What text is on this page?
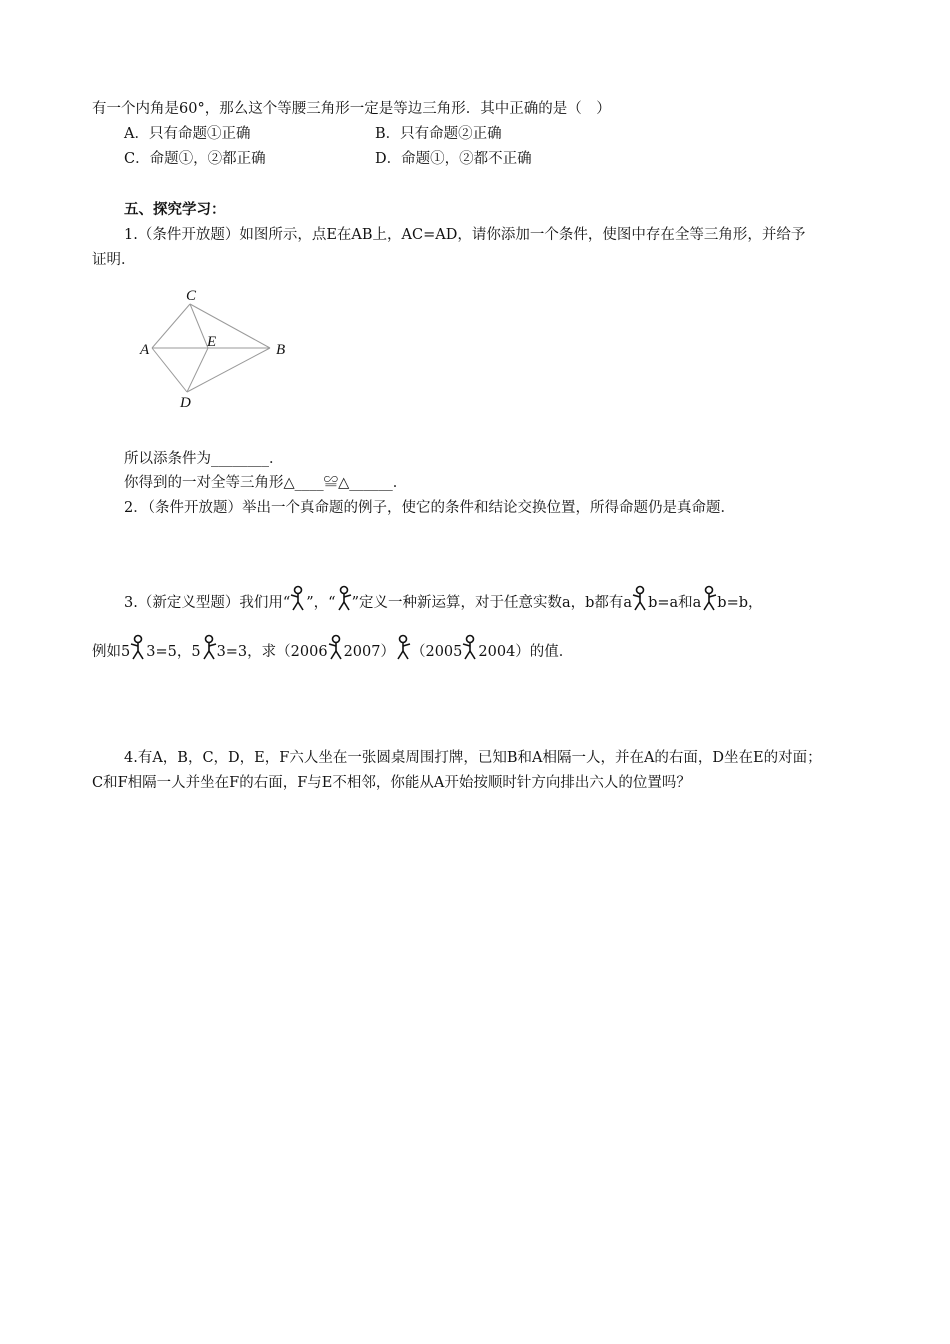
有一个内角是60°，那么这个等腰三角形一定是等边三角形．其中正确的是（　）
A．只有命题①正确	B．只有命题②正确
C．命题①，②都正确	D．命题①，②都不正确
五、探究学习：
1.（条件开放题）如图所示，点E在AB上，AC=AD，请你添加一个条件，使图中存在全等三角形，并给予
证明．
C
A	E	B
D
所以添条件为________．
你得到的一对全等三角形△____≌△______．
2．（条件开放题）举出一个真命题的例子，使它的条件和结论交换位置，所得命题仍是真命题．
3.（新定义型题）我们用“ ”，“ ”定义一种新运算，对于任意实数a，b都有a b=a和a b=b，
例如5 3=5，5 3=3，求（2006 2007） （2005 2004）的值．
4.有A，B，C，D，E，F六人坐在一张圆桌周围打牌，已知B和A相隔一人，并在A的右面，D坐在E的对面；
C和F相隔一人并坐在F的右面，F与E不相邻，你能从A开始按顺时针方向排出六人的位置吗？
